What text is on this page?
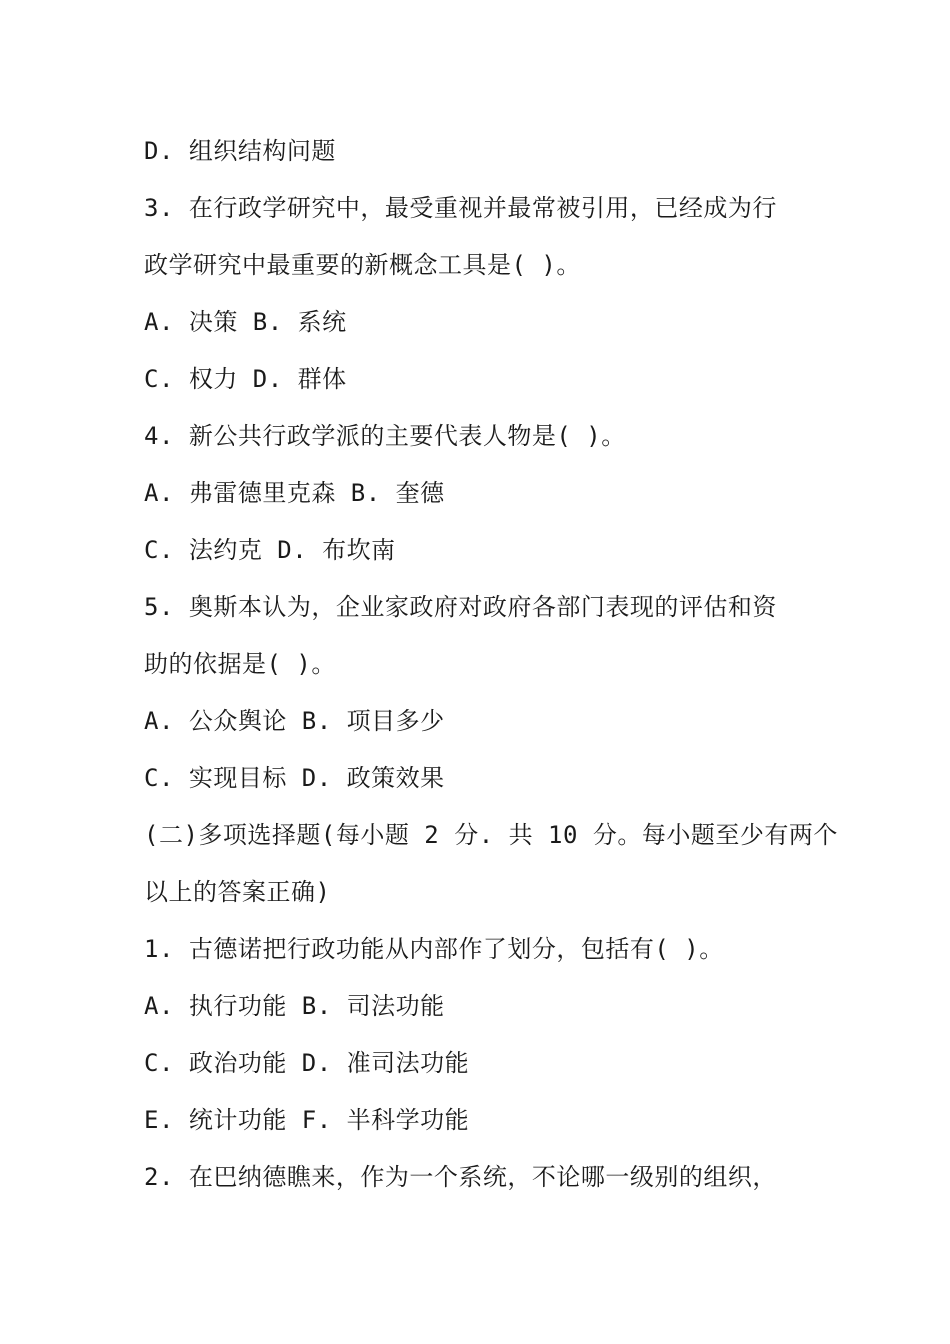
D. 组织结构问题
3. 在行政学研究中，最受重视并最常被引用，已经成为行
政学研究中最重要的新概念工具是( )。
A. 决策 B. 系统
C. 权力 D. 群体
4. 新公共行政学派的主要代表人物是( )。
A. 弗雷德里克森 B. 奎德
C. 法约克 D. 布坎南
5. 奥斯本认为，企业家政府对政府各部门表现的评估和资
助的依据是( )。
A. 公众舆论 B. 项目多少
C. 实现目标 D. 政策效果
(二)多项选择题(每小题 2 分. 共 10 分。每小题至少有两个
以上的答案正确)
1. 古德诺把行政功能从内部作了划分，包括有( )。
A. 执行功能 B. 司法功能
C. 政治功能 D. 准司法功能
E. 统计功能 F. 半科学功能
2. 在巴纳德瞧来，作为一个系统，不论哪一级别的组织，
